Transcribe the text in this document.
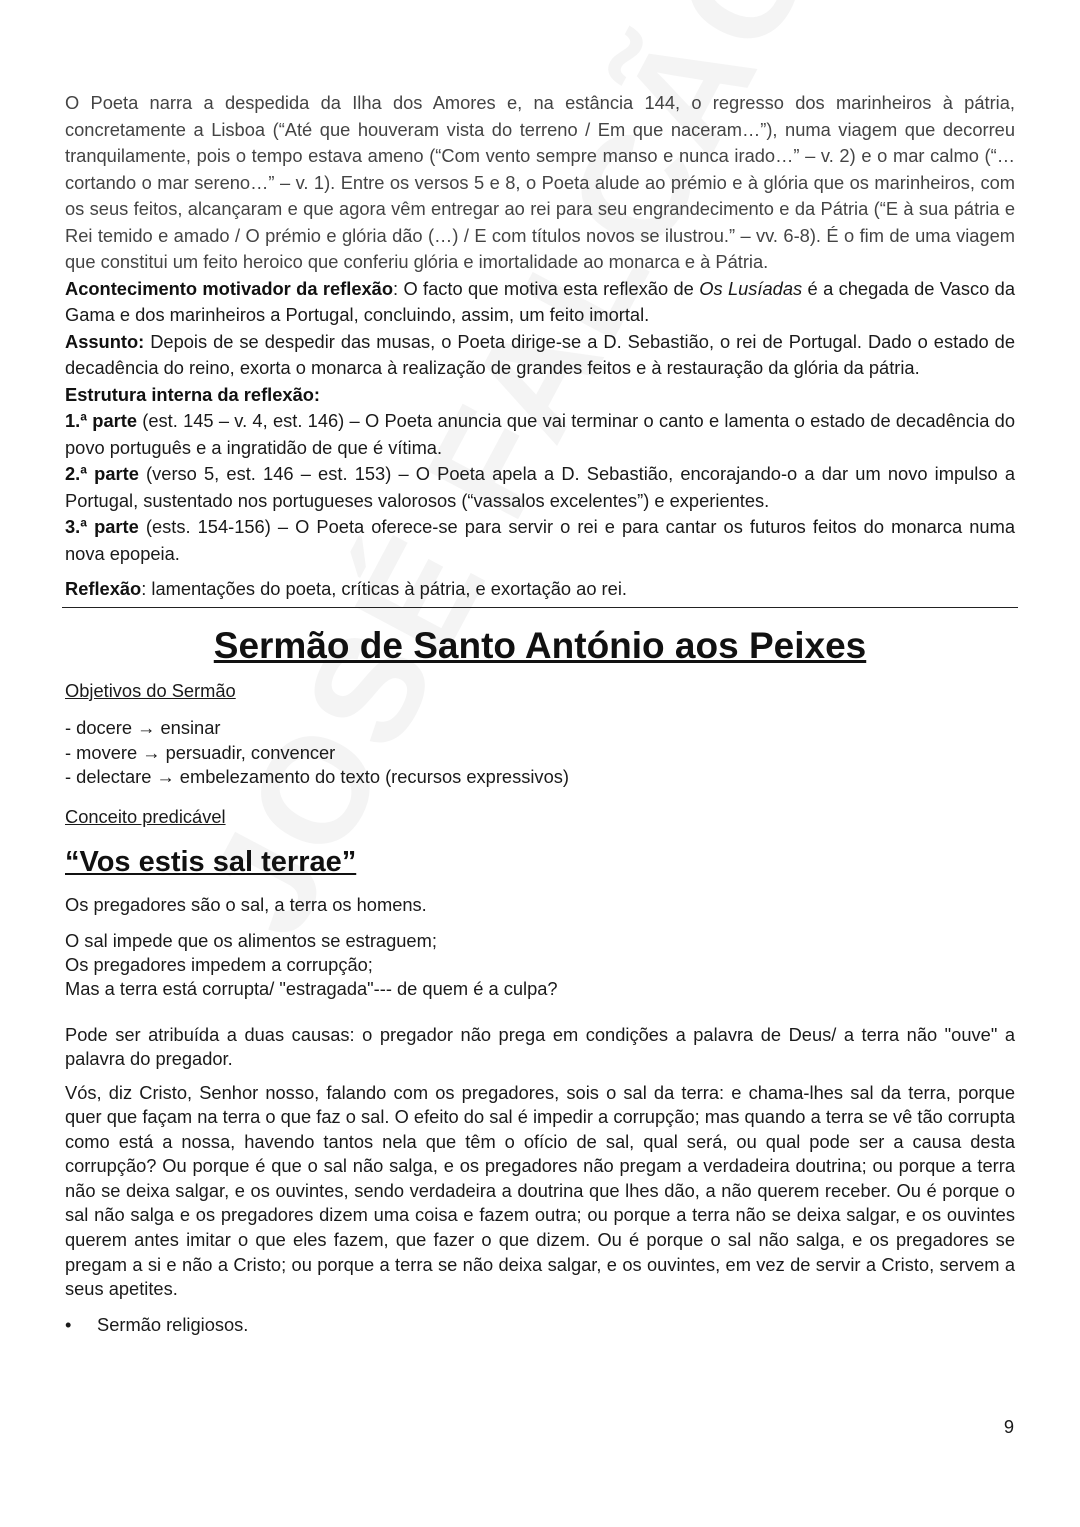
O Poeta narra a despedida da Ilha dos Amores e, na estância 144, o regresso dos marinheiros à pátria, concretamente a Lisboa (“Até que houveram vista do terreno / Em que naceram…”), numa viagem que decorreu tranquilamente, pois o tempo estava ameno (“Com vento sempre manso e nunca irado…” – v. 2) e o mar calmo (“… cortando o mar sereno…” – v. 1). Entre os versos 5 e 8, o Poeta alude ao prémio e à glória que os marinheiros, com os seus feitos, alcançaram e que agora vêm entregar ao rei para seu engrandecimento e da Pátria (“E à sua pátria e Rei temido e amado / O prémio e glória dão (…) / E com títulos novos se ilustrou.” – vv. 6-8). É o fim de uma viagem que constitui um feito heroico que conferiu glória e imortalidade ao monarca e à Pátria.

Acontecimento motivador da reflexão: O facto que motiva esta reflexão de Os Lusíadas é a chegada de Vasco da Gama e dos marinheiros a Portugal, concluindo, assim, um feito imortal.

Assunto: Depois de se despedir das musas, o Poeta dirige-se a D. Sebastião, o rei de Portugal. Dado o estado de decadência do reino, exorta o monarca à realização de grandes feitos e à restauração da glória da pátria.

Estrutura interna da reflexão:

1.ª parte (est. 145 – v. 4, est. 146) – O Poeta anuncia que vai terminar o canto e lamenta o estado de decadência do povo português e a ingratidão de que é vítima.

2.ª parte (verso 5, est. 146 – est. 153) – O Poeta apela a D. Sebastião, encorajando-o a dar um novo impulso a Portugal, sustentado nos portugueses valorosos (“vassalos excelentes”) e experientes.

3.ª parte (ests. 154-156) – O Poeta oferece-se para servir o rei e para cantar os futuros feitos do monarca numa nova epopeia.

Reflexão: lamentações do poeta, críticas à pátria, e exortação ao rei.

Sermão de Santo António aos Peixes

Objetivos do Sermão

- docere → ensinar
- movere → persuadir, convencer
- delectare → embelezamento do texto (recursos expressivos)

Conceito predicável

“Vos estis sal terrae”

Os pregadores são o sal, a terra os homens.

O sal impede que os alimentos se estraguem;

Os pregadores impedem a corrupção;

Mas a terra está corrupta/ "estragada"--- de quem é a culpa?

Pode ser atribuída a duas causas: o pregador não prega em condições a palavra de Deus/ a terra não "ouve" a palavra do pregador.

Vós, diz Cristo, Senhor nosso, falando com os pregadores, sois o sal da terra: e chama-lhes sal da terra, porque quer que façam na terra o que faz o sal. O efeito do sal é impedir a corrupção; mas quando a terra se vê tão corrupta como está a nossa, havendo tantos nela que têm o ofício de sal, qual será, ou qual pode ser a causa desta corrupção? Ou porque é que o sal não salga, e os pregadores não pregam a verdadeira doutrina; ou porque a terra não se deixa salgar, e os ouvintes, sendo verdadeira a doutrina que lhes dão, a não querem receber. Ou é porque o sal não salga e os pregadores dizem uma coisa e fazem outra; ou porque a terra não se deixa salgar, e os ouvintes querem antes imitar o que eles fazem, que fazer o que dizem. Ou é porque o sal não salga, e os pregadores se pregam a si e não a Cristo; ou porque a terra se não deixa salgar, e os ouvintes, em vez de servir a Cristo, servem a seus apetites.

•	Sermão religiosos.
9
